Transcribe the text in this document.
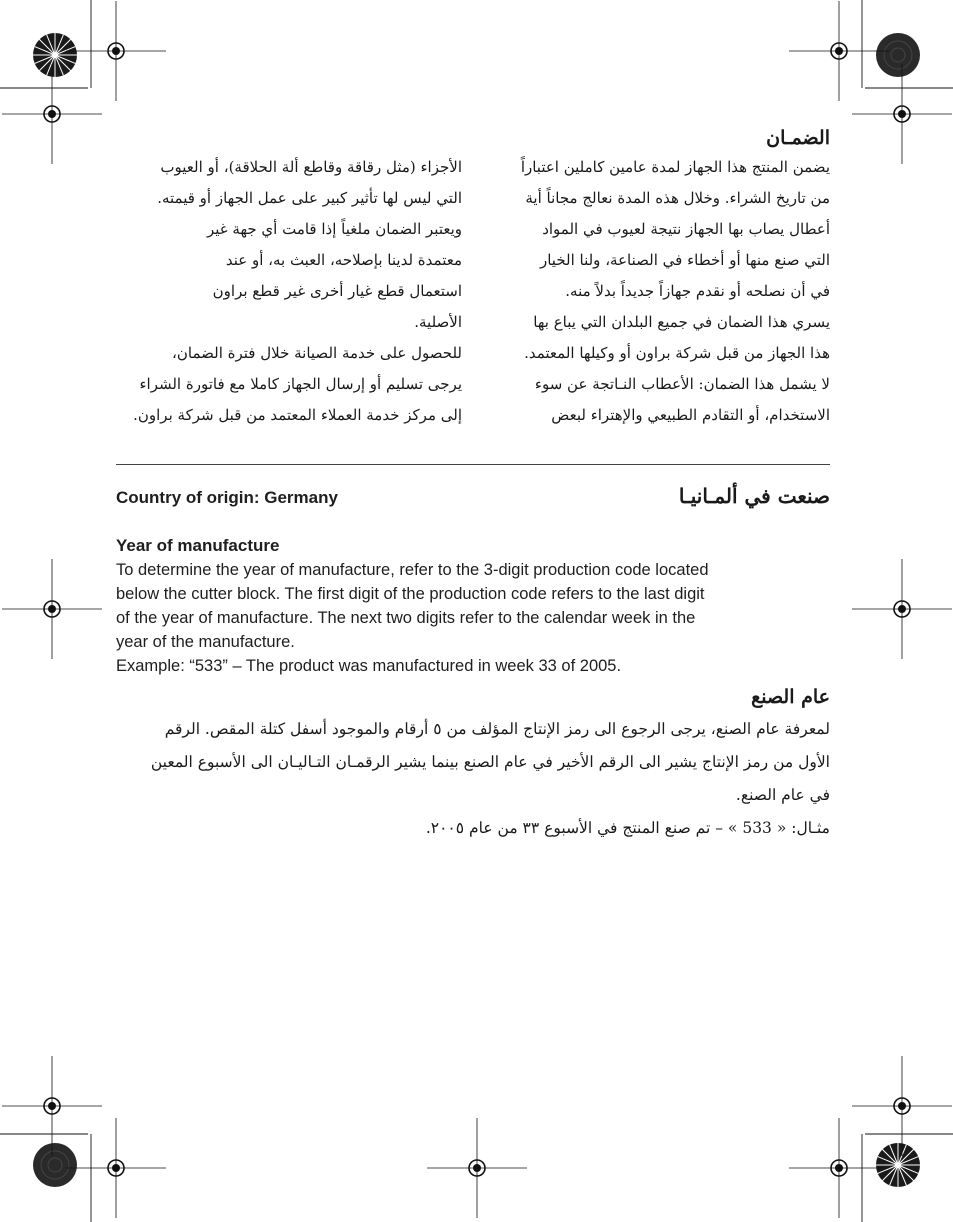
الضمـان
يضمن المنتج هذا الجهاز لمدة عامين كاملين اعتباراً
من تاريخ الشراء. وخلال هذه المدة نعالج مجاناً أية
أعطال يصاب بها الجهاز نتيجة لعيوب في المواد
التي صنع منها أو أخطاء في الصناعة، ولنا الخيار
في أن نصلحه أو نقدم جهازاً جديداً بدلاً منه.
يسري هذا الضمان في جميع البلدان التي يباع بها
هذا الجهاز من قبل شركة براون أو وكيلها المعتمد.
لا يشمل هذا الضمان: الأعطاب النـاتجة عن سوء
الاستخدام، أو التقادم الطبيعي والإهتراء لبعض
الأجزاء (مثل رقاقة وقاطع ألة الحلاقة)، أو العيوب
التي ليس لها تأثير كبير على عمل الجهاز أو قيمته.
ويعتبر الضمان ملغياً إذا قامت أي جهة غير
معتمدة لدينا بإصلاحه، العبث به، أو عند
استعمال قطع غيار أخرى غير قطع براون
الأصلية.
للحصول على خدمة الصيانة خلال فترة الضمان،
يرجى تسليم أو إرسال الجهاز كاملا مع فاتورة الشراء
إلى مركز خدمة العملاء المعتمد من قبل شركة براون.
Country of origin: Germany	صنعت في ألمـانيـا
Year of manufacture
To determine the year of manufacture, refer to the 3-digit production code located
below the cutter block. The first digit of the production code refers to the last digit
of the year of manufacture. The next two digits refer to the calendar week in the
year of the manufacture.
Example: “533” – The product was manufactured in week 33 of 2005.
عام الصنع
لمعرفة عام الصنع، يرجى الرجوع الى رمز الإنتاج المؤلف من ٥ أرقام والموجود أسفل كتلة المقص. الرقم
الأول من رمز الإنتاج يشير الى الرقم الأخير في عام الصنع بينما يشير الرقمـان التـاليـان الى الأسبوع المعين
في عام الصنع.
مثـال: « 533 » – تم صنع المنتج في الأسبوع ٣٣ من عام ٢٠٠٥.
